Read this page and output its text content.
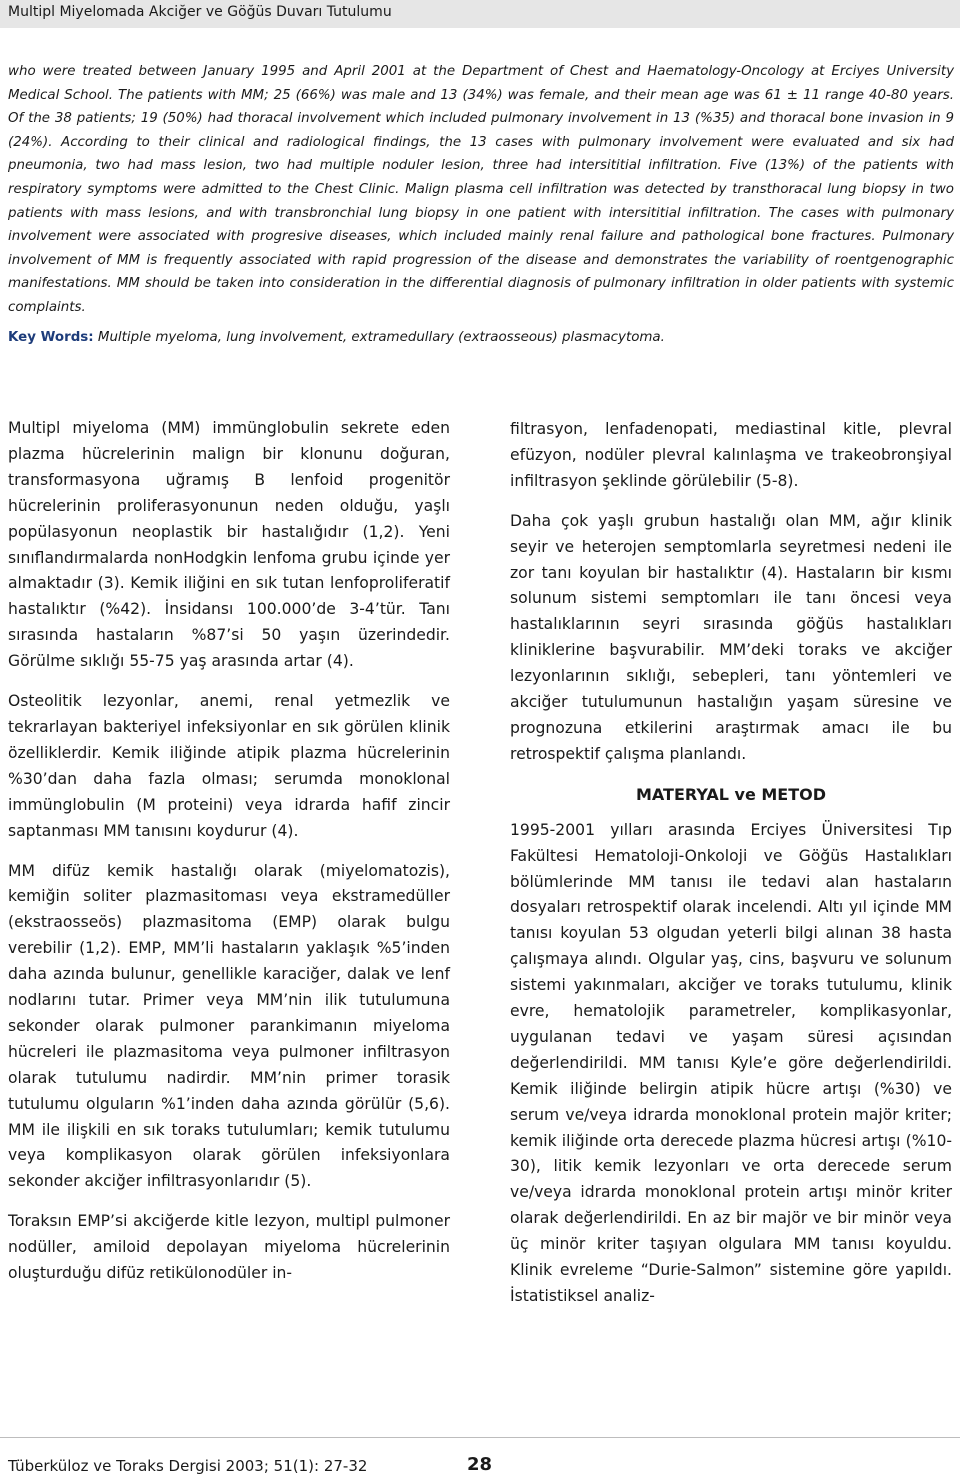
Multipl Miyelomada Akciğer ve Göğüs Duvarı Tutulumu

who were treated between January 1995 and April 2001 at the Department of Chest and Haematology-Oncology at Erciyes University Medical School. The patients with MM; 25 (66%) was male and 13 (34%) was female, and their mean age was 61 ± 11 range 40-80 years. Of the 38 patients; 19 (50%) had thoracal involvement which included pulmonary involvement in 13 (%35) and thoracal bone invasion in 9 (24%). According to their clinical and radiological findings, the 13 cases with pulmonary involvement were evaluated and six had pneumonia, two had mass lesion, two had multiple noduler lesion, three had intersititial infiltration. Five (13%) of the patients with respiratory symptoms were admitted to the Chest Clinic. Malign plasma cell infiltration was detected by transthoracal lung biopsy in two patients with mass lesions, and with transbronchial lung biopsy in one patient with intersititial infiltration. The cases with pulmonary involvement were associated with progresive diseases, which included mainly renal failure and pathological bone fractures. Pulmonary involvement of MM is frequently associated with rapid progression of the disease and demonstrates the variability of roentgenographic manifestations. MM should be taken into consideration in the differential diagnosis of pulmonary infiltration in older patients with systemic complaints.

Key Words: Multiple myeloma, lung involvement, extramedullary (extraosseous) plasmacytoma.

Multipl miyeloma (MM) immünglobulin sekrete eden plazma hücrelerinin malign bir klonunu doğuran, transformasyona uğramış B lenfoid progenitör hücrelerinin proliferasyonunun neden olduğu, yaşlı popülasyonun neoplastik bir hastalığıdır (1,2). Yeni sınıflandırmalarda nonHodgkin lenfoma grubu içinde yer almaktadır (3). Kemik iliğini en sık tutan lenfoproliferatif hastalıktır (%42). İnsidansı 100.000’de 3-4’tür. Tanı sırasında hastaların %87’si 50 yaşın üzerindedir. Görülme sıklığı 55-75 yaş arasında artar (4).

Osteolitik lezyonlar, anemi, renal yetmezlik ve tekrarlayan bakteriyel infeksiyonlar en sık görülen klinik özelliklerdir. Kemik iliğinde atipik plazma hücrelerinin %30’dan daha fazla olması; serumda monoklonal immünglobulin (M proteini) veya idrarda hafif zincir saptanması MM tanısını koydurur (4).

MM difüz kemik hastalığı olarak (miyelomatozis), kemiğin soliter plazmasitoması veya ekstramedüller (ekstraosseös) plazmasitoma (EMP) olarak bulgu verebilir (1,2). EMP, MM’li hastaların yaklaşık %5’inden daha azında bulunur, genellikle karaciğer, dalak ve lenf nodlarını tutar. Primer veya MM’nin ilik tutulumuna sekonder olarak pulmoner parankimanın miyeloma hücreleri ile plazmasitoma veya pulmoner infiltrasyon olarak tutulumu nadirdir. MM’nin primer torasik tutulumu olguların %1’inden daha azında görülür (5,6). MM ile ilişkili en sık toraks tutulumları; kemik tutulumu veya komplikasyon olarak görülen infeksiyonlara sekonder akciğer infiltrasyonlarıdır (5).

Toraksın EMP’si akciğerde kitle lezyon, multipl pulmoner nodüller, amiloid depolayan miyeloma hücrelerinin oluşturduğu difüz retikülonodüler in-

filtrasyon, lenfadenopati, mediastinal kitle, plevral efüzyon, nodüler plevral kalınlaşma ve trakeobronşiyal infiltrasyon şeklinde görülebilir (5-8).

Daha çok yaşlı grubun hastalığı olan MM, ağır klinik seyir ve heterojen semptomlarla seyretmesi nedeni ile zor tanı koyulan bir hastalıktır (4). Hastaların bir kısmı solunum sistemi semptomları ile tanı öncesi veya hastalıklarının seyri sırasında göğüs hastalıkları kliniklerine başvurabilir. MM’deki toraks ve akciğer lezyonlarının sıklığı, sebepleri, tanı yöntemleri ve akciğer tutulumunun hastalığın yaşam süresine ve prognozuna etkilerini araştırmak amacı ile bu retrospektif çalışma planlandı.

MATERYAL ve METOD

1995-2001 yılları arasında Erciyes Üniversitesi Tıp Fakültesi Hematoloji-Onkoloji ve Göğüs Hastalıkları bölümlerinde MM tanısı ile tedavi alan hastaların dosyaları retrospektif olarak incelendi. Altı yıl içinde MM tanısı koyulan 53 olgudan yeterli bilgi alınan 38 hasta çalışmaya alındı. Olgular yaş, cins, başvuru ve solunum sistemi yakınmaları, akciğer ve toraks tutulumu, klinik evre, hematolojik parametreler, komplikasyonlar, uygulanan tedavi ve yaşam süresi açısından değerlendirildi. MM tanısı Kyle’e göre değerlendirildi. Kemik iliğinde belirgin atipik hücre artışı (%30) ve serum ve/veya idrarda monoklonal protein majör kriter; kemik iliğinde orta derecede plazma hücresi artışı (%10-30), litik kemik lezyonları ve orta derecede serum ve/veya idrarda monoklonal protein artışı minör kriter olarak değerlendirildi. En az bir majör ve bir minör veya üç minör kriter taşıyan olgulara MM tanısı koyuldu. Klinik evreleme “Durie-Salmon” sistemine göre yapıldı. İstatistiksel analiz-

Tüberküloz ve Toraks Dergisi 2003; 51(1): 27-32	28
